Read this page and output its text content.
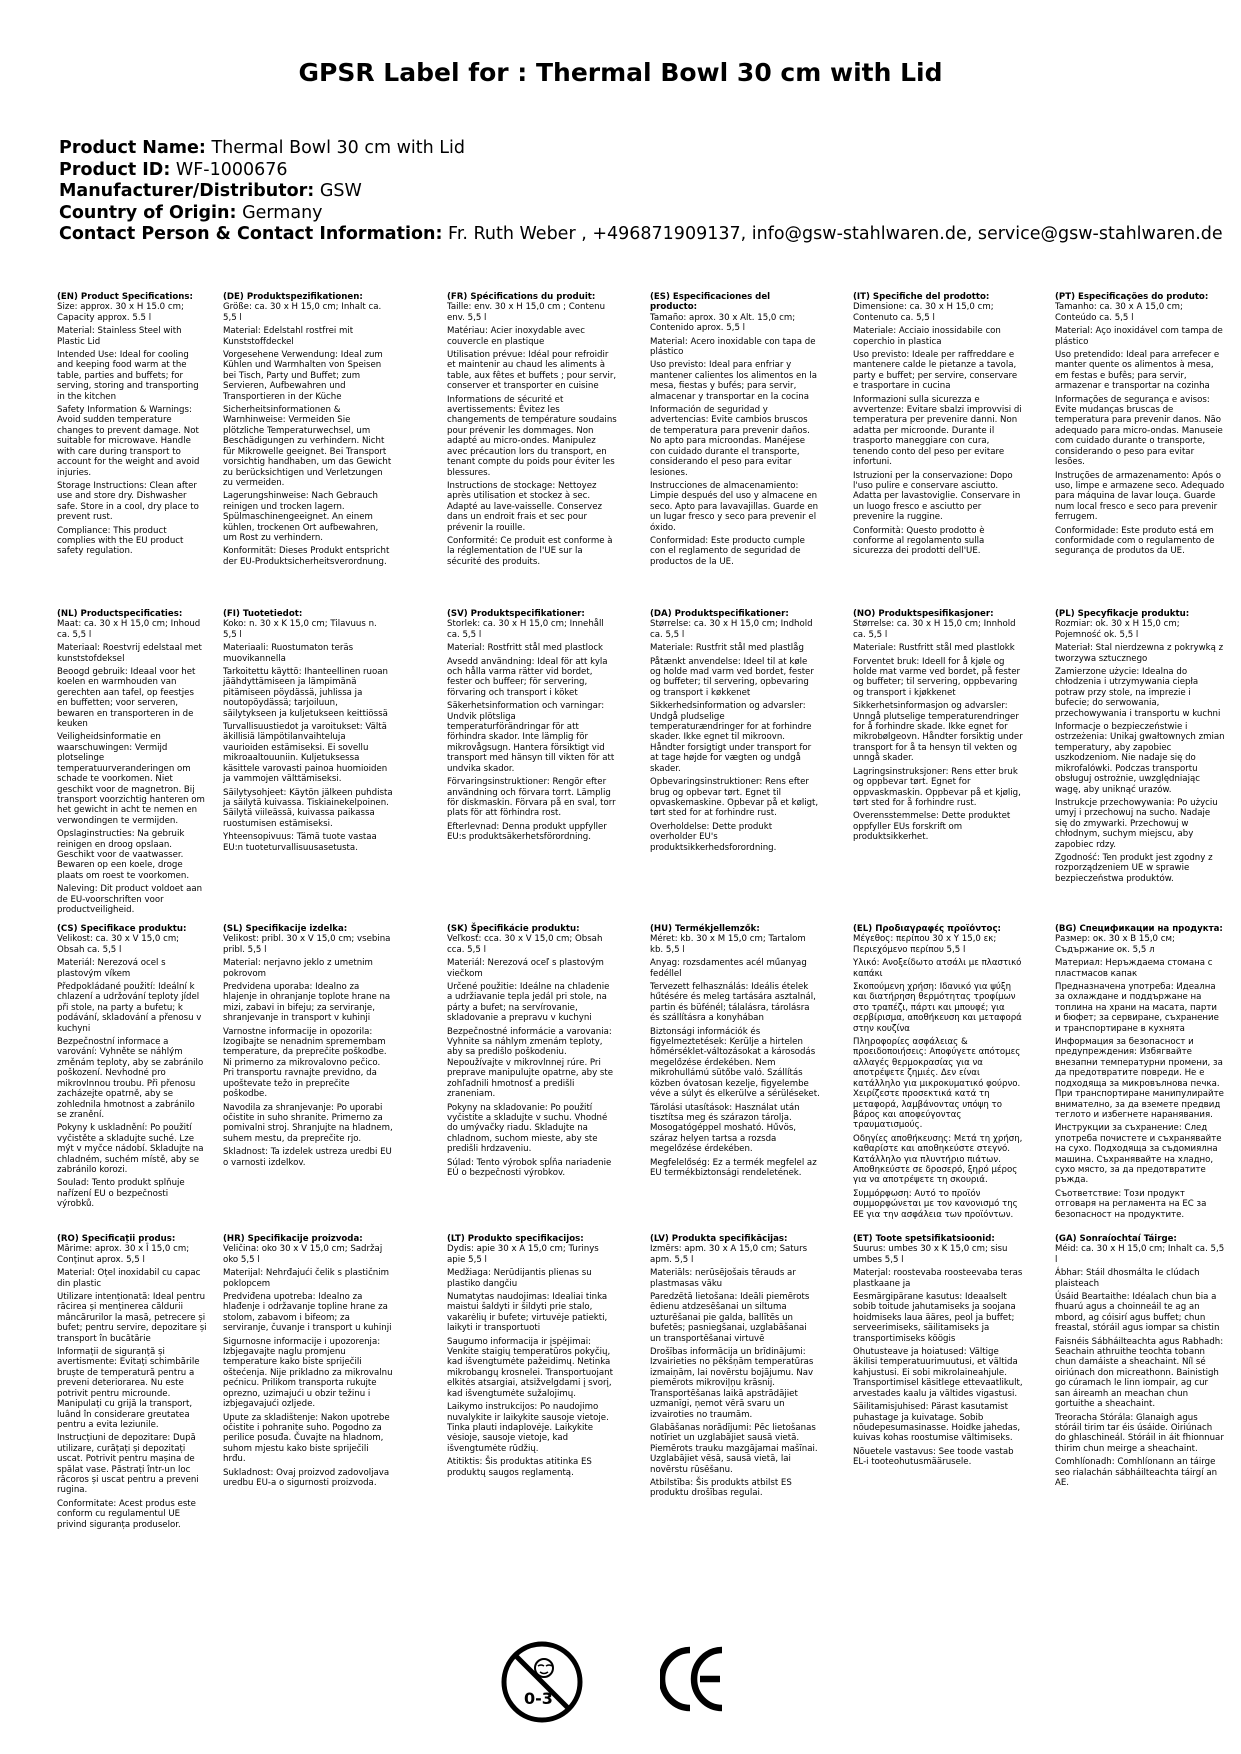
GPSR Label for : Thermal Bowl 30 cm with Lid
Product Name: Thermal Bowl 30 cm with Lid
Product ID: WF-1000676
Manufacturer/Distributor: GSW
Country of Origin: Germany
Contact Person & Contact Information: Fr. Ruth Weber , +496871909137, info@gsw-stahlwaren.de, service@gsw-stahlwaren.de
(EN) Product Specifications:

Size: approx. 30 x H 15.0 cm; Capacity approx. 5.5 l

Material: Stainless Steel with Plastic Lid

Intended Use: Ideal for cooling and keeping food warm at the table, parties and buffets; for serving, storing and transporting in the kitchen

Safety Information & Warnings: Avoid sudden temperature changes to prevent damage. Not suitable for microwave. Handle with care during transport to account for the weight and avoid injuries.

Storage Instructions: Clean after use and store dry. Dishwasher safe. Store in a cool, dry place to prevent rust.

Compliance: This product complies with the EU product safety regulation.

(DE) Produktspezifikationen:

Größe: ca. 30 x H 15,0 cm; Inhalt ca. 5,5 l

Material: Edelstahl rostfrei mit Kunststoffdeckel

Vorgesehene Verwendung: Ideal zum Kühlen und Warmhalten von Speisen bei Tisch, Party und Buffet; zum Servieren, Aufbewahren und Transportieren in der Küche

Sicherheitsinformationen & Warnhinweise: Vermeiden Sie plötzliche Temperaturwechsel, um Beschädigungen zu verhindern. Nicht für Mikrowelle geeignet. Bei Transport vorsichtig handhaben, um das Gewicht zu berücksichtigen und Verletzungen zu vermeiden.

Lagerungshinweise: Nach Gebrauch reinigen und trocken lagern. Spülmaschinengeeignet. An einem kühlen, trockenen Ort aufbewahren, um Rost zu verhindern.

Konformität: Dieses Produkt entspricht der EU-Produktsicherheitsverordnung.

(FR) Spécifications du produit:

Taille: env. 30 x H 15,0 cm ; Contenu env. 5,5 l

Matériau: Acier inoxydable avec couvercle en plastique

Utilisation prévue: Idéal pour refroidir et maintenir au chaud les aliments à table, aux fêtes et buffets ; pour servir, conserver et transporter en cuisine

Informations de sécurité et avertissements: Évitez les changements de température soudains pour prévenir les dommages. Non adapté au micro-ondes. Manipulez avec précaution lors du transport, en tenant compte du poids pour éviter les blessures.

Instructions de stockage: Nettoyez après utilisation et stockez à sec. Adapté au lave-vaisselle. Conservez dans un endroit frais et sec pour prévenir la rouille.

Conformité: Ce produit est conforme à la réglementation de l'UE sur la sécurité des produits.

(ES) Especificaciones del producto:

Tamaño: aprox. 30 x Alt. 15,0 cm; Contenido aprox. 5,5 l

Material: Acero inoxidable con tapa de plástico

Uso previsto: Ideal para enfriar y mantener calientes los alimentos en la mesa, fiestas y bufés; para servir, almacenar y transportar en la cocina

Información de seguridad y advertencias: Evite cambios bruscos de temperatura para prevenir daños. No apto para microondas. Manéjese con cuidado durante el transporte, considerando el peso para evitar lesiones.

Instrucciones de almacenamiento: Limpie después del uso y almacene en seco. Apto para lavavajillas. Guarde en un lugar fresco y seco para prevenir el óxido.

Conformidad: Este producto cumple con el reglamento de seguridad de productos de la UE.

(IT) Specifiche del prodotto:

Dimensione: ca. 30 x H 15,0 cm; Contenuto ca. 5,5 l

Materiale: Acciaio inossidabile con coperchio in plastica

Uso previsto: Ideale per raffreddare e mantenere calde le pietanze a tavola, party e buffet; per servire, conservare e trasportare in cucina

Informazioni sulla sicurezza e avvertenze: Evitare sbalzi improvvisi di temperatura per prevenire danni. Non adatta per microonde. Durante il trasporto maneggiare con cura, tenendo conto del peso per evitare infortuni.

Istruzioni per la conservazione: Dopo l'uso pulire e conservare asciutto. Adatta per lavastoviglie. Conservare in un luogo fresco e asciutto per prevenire la ruggine.

Conformità: Questo prodotto è conforme al regolamento sulla sicurezza dei prodotti dell'UE.

(PT) Especificações do produto:

Tamanho: ca. 30 x A 15,0 cm; Conteúdo ca. 5,5 l

Material: Aço inoxidável com tampa de plástico

Uso pretendido: Ideal para arrefecer e manter quente os alimentos à mesa, em festas e bufês; para servir, armazenar e transportar na cozinha

Informações de segurança e avisos: Evite mudanças bruscas de temperatura para prevenir danos. Não adequado para micro-ondas. Manuseie com cuidado durante o transporte, considerando o peso para evitar lesões.

Instruções de armazenamento: Após o uso, limpe e armazene seco. Adequado para máquina de lavar louça. Guarde num local fresco e seco para prevenir ferrugem.

Conformidade: Este produto está em conformidade com o regulamento de segurança de produtos da UE.

(NL) Productspecificaties:

Maat: ca. 30 x H 15,0 cm; Inhoud ca. 5,5 l

Materiaal: Roestvrij edelstaal met kunststofdeksel

Beoogd gebruik: Ideaal voor het koelen en warmhouden van gerechten aan tafel, op feestjes en buffetten; voor serveren, bewaren en transporteren in de keuken

Veiligheidsinformatie en waarschuwingen: Vermijd plotselinge temperatuurveranderingen om schade te voorkomen. Niet geschikt voor de magnetron. Bij transport voorzichtig hanteren om het gewicht in acht te nemen en verwondingen te vermijden.

Opslaginstructies: Na gebruik reinigen en droog opslaan. Geschikt voor de vaatwasser. Bewaren op een koele, droge plaats om roest te voorkomen.

Naleving: Dit product voldoet aan de EU-voorschriften voor productveiligheid.

(FI) Tuotetiedot:

Koko: n. 30 x K 15,0 cm; Tilavuus n. 5,5 l

Materiaali: Ruostumaton teräs muovikannella

Tarkoitettu käyttö: Ihanteellinen ruoan jäähdyttämiseen ja lämpimänä pitämiseen pöydässä, juhlissa ja noutopöydässä; tarjoiluun, säilytykseen ja kuljetukseen keittiössä

Turvallisuustiedot ja varoitukset: Vältä äkillisiä lämpötilanvaihteluja vaurioiden estämiseksi. Ei sovellu mikroaaltouuniin. Kuljetuksessa käsittele varovasti painoa huomioiden ja vammojen välttämiseksi.

Säilytysohjeet: Käytön jälkeen puhdista ja säilytä kuivassa. Tiskiainekelpoinen. Säilytä viileässä, kuivassa paikassa ruostumisen estämiseksi.

Yhteensopivuus: Tämä tuote vastaa EU:n tuoteturvallisuusasetusta.

(SV) Produktspecifikationer:

Storlek: ca. 30 x H 15,0 cm; Innehåll ca. 5,5 l

Material: Rostfritt stål med plastlock

Avsedd användning: Ideal för att kyla och hålla varma rätter vid bordet, fester och buffeer; för servering, förvaring och transport i köket

Säkerhetsinformation och varningar: Undvik plötsliga temperaturförändringar för att förhindra skador. Inte lämplig för mikrovågsugn. Hantera försiktigt vid transport med hänsyn till vikten för att undvika skador.

Förvaringsinstruktioner: Rengör efter användning och förvara torrt. Lämplig för diskmaskin. Förvara på en sval, torr plats för att förhindra rost.

Efterlevnad: Denna produkt uppfyller EU:s produktsäkerhetsförordning.

(DA) Produktspecifikationer:

Størrelse: ca. 30 x H 15,0 cm; Indhold ca. 5,5 l

Materiale: Rustfrit stål med plastlåg

Påtænkt anvendelse: Ideel til at køle og holde mad varm ved bordet, fester og buffeter; til servering, opbevaring og transport i køkkenet

Sikkerhedsinformation og advarsler: Undgå pludselige temperaturændringer for at forhindre skader. Ikke egnet til mikroovn. Håndter forsigtigt under transport for at tage højde for vægten og undgå skader.

Opbevaringsinstruktioner: Rens efter brug og opbevar tørt. Egnet til opvaskemaskine. Opbevar på et køligt, tørt sted for at forhindre rust.

Overholdelse: Dette produkt overholder EU's produktsikkerhedsforordning.

(NO) Produktspesifikasjoner:

Størrelse: ca. 30 x H 15,0 cm; Innhold ca. 5,5 l

Materiale: Rustfritt stål med plastlokk

Forventet bruk: Ideell for å kjøle og holde mat varme ved bordet, på fester og buffeter; til servering, oppbevaring og transport i kjøkkenet

Sikkerhetsinformasjon og advarsler: Unngå plutselige temperaturendringer for å forhindre skade. Ikke egnet for mikrobølgeovn. Håndter forsiktig under transport for å ta hensyn til vekten og unngå skader.

Lagringsinstruksjoner: Rens etter bruk og oppbevar tørt. Egnet for oppvaskmaskin. Oppbevar på et kjølig, tørt sted for å forhindre rust.

Overensstemmelse: Dette produktet oppfyller EUs forskrift om produktsikkerhet.

(PL) Specyfikacje produktu:

Rozmiar: ok. 30 x H 15,0 cm; Pojemność ok. 5,5 l

Materiał: Stal nierdzewna z pokrywką z tworzywa sztucznego

Zamierzone użycie: Idealna do chłodzenia i utrzymywania ciepła potraw przy stole, na imprezie i bufecie; do serwowania, przechowywania i transportu w kuchni

Informacje o bezpieczeństwie i ostrzeżenia: Unikaj gwałtownych zmian temperatury, aby zapobiec uszkodzeniom. Nie nadaje się do mikrofalówki. Podczas transportu obsługuj ostrożnie, uwzględniając wagę, aby uniknąć urazów.

Instrukcje przechowywania: Po użyciu umyj i przechowuj na sucho. Nadaje się do zmywarki. Przechowuj w chłodnym, suchym miejscu, aby zapobiec rdzy.

Zgodność: Ten produkt jest zgodny z rozporządzeniem UE w sprawie bezpieczeństwa produktów.

(CS) Specifikace produktu:

Velikost: ca. 30 x V 15,0 cm; Obsah ca. 5,5 l

Materiál: Nerezová ocel s plastovým víkem

Předpokládané použití: Ideální k chlazení a udržování teploty jídel při stole, na party a bufetu; k podávání, skladování a přenosu v kuchyni

Bezpečnostní informace a varování: Vyhněte se náhlým změnám teploty, aby se zabránilo poškození. Nevhodné pro mikrovlnnou troubu. Při přenosu zacházejte opatrně, aby se zohlednila hmotnost a zabránilo se zranění.

Pokyny k uskladnění: Po použití vyčistěte a skladujte suché. Lze mýt v myčce nádobí. Skladujte na chladném, suchém místě, aby se zabránilo korozi.

Soulad: Tento produkt splňuje nařízení EU o bezpečnosti výrobků.

(SL) Specifikacije izdelka:

Velikost: pribl. 30 x V 15,0 cm; vsebina pribl. 5,5 l

Material: nerjavno jeklo z umetnim pokrovom

Predvidena uporaba: Idealno za hlajenje in ohranjanje toplote hrane na mizi, zabavi in bifeju; za serviranje, shranjevanje in transport v kuhinji

Varnostne informacije in opozorila: Izogibajte se nenadnim spremembam temperature, da preprečite poškodbe. Ni primerno za mikrovalovno pečico. Pri transportu ravnajte previdno, da upoštevate težo in preprečite poškodbe.

Navodila za shranjevanje: Po uporabi očistite in suho shranite. Primerno za pomivalni stroj. Shranjujte na hladnem, suhem mestu, da preprečite rjo.

Skladnost: Ta izdelek ustreza uredbi EU o varnosti izdelkov.

(SK) Špecifikácie produktu:

Veľkosť: cca. 30 x V 15,0 cm; Obsah cca. 5,5 l

Materiál: Nerezová oceľ s plastovým viečkom

Určené použitie: Ideálne na chladenie a udržiavanie tepla jedál pri stole, na párty a bufet; na servírovanie, skladovanie a prepravu v kuchyni

Bezpečnostné informácie a varovania: Vyhnite sa náhlym zmenám teploty, aby sa predišlo poškodeniu. Nepoužívajte v mikrovlnnej rúre. Pri preprave manipulujte opatrne, aby ste zohľadnili hmotnosť a predišli zraneniam.

Pokyny na skladovanie: Po použití vyčistite a skladujte v suchu. Vhodné do umývačky riadu. Skladujte na chladnom, suchom mieste, aby ste predišli hrdzaveniu.

Súlad: Tento výrobok spĺňa nariadenie EÚ o bezpečnosti výrobkov.

(HU) Termékjellemzők:

Méret: kb. 30 x M 15,0 cm; Tartalom kb. 5,5 l

Anyag: rozsdamentes acél műanyag fedéllel

Tervezett felhasználás: Ideális ételek hűtésére és meleg tartására asztalnál, partin és büfénél; tálalásra, tárolásra és szállításra a konyhában

Biztonsági információk és figyelmeztetések: Kerülje a hirtelen hőmérséklet-változásokat a károsodás megelőzése érdekében. Nem mikrohullámú sütőbe való. Szállítás közben óvatosan kezelje, figyelembe véve a súlyt és elkerülve a sérüléseket.

Tárolási utasítások: Használat után tisztítsa meg és szárazon tárolja. Mosogatógéppel mosható. Hűvös, száraz helyen tartsa a rozsda megelőzése érdekében.

Megfelelőség: Ez a termék megfelel az EU termékbiztonsági rendeletének.

(EL) Προδιαγραφές προϊόντος:

Μέγεθος: περίπου 30 x Υ 15,0 εκ; Περιεχόμενο περίπου 5,5 l

Υλικό: Ανοξείδωτο ατσάλι με πλαστικό καπάκι

Σκοπούμενη χρήση: Ιδανικό για ψύξη και διατήρηση θερμότητας τροφίμων στο τραπέζι, πάρτι και μπουφέ; για σερβίρισμα, αποθήκευση και μεταφορά στην κουζίνα

Πληροφορίες ασφάλειας & προειδοποιήσεις: Αποφύγετε απότομες αλλαγές θερμοκρασίας για να αποτρέψετε ζημιές. Δεν είναι κατάλληλο για μικροκυματικό φούρνο. Χειρίζεστε προσεκτικά κατά τη μεταφορά, λαμβάνοντας υπόψη το βάρος και αποφεύγοντας τραυματισμούς.

Οδηγίες αποθήκευσης: Μετά τη χρήση, καθαρίστε και αποθηκεύστε στεγνό. Κατάλληλο για πλυντήριο πιάτων. Αποθηκεύστε σε δροσερό, ξηρό μέρος για να αποτρέψετε τη σκουριά.

Συμμόρφωση: Αυτό το προϊόν συμμορφώνεται με τον κανονισμό της ΕΕ για την ασφάλεια των προϊόντων.

(BG) Спецификации на продукта:

Размер: ок. 30 x В 15,0 см; Съдържание ок. 5,5 л

Материал: Неръждаема стомана с пластмасов капак

Предназначена употреба: Идеална за охлаждане и поддържане на топлина на храни на масата, парти и бюфет; за сервиране, съхранение и транспортиране в кухнята

Информация за безопасност и предупреждения: Избягвайте внезапни температурни промени, за да предотвратите повреди. Не е подходяща за микровълнова печка. При транспортиране манипулирайте внимателно, за да вземете предвид теглото и избегнете наранявания.

Инструкции за съхранение: След употреба почистете и съхранявайте на сухо. Подходяща за съдомиялна машина. Съхранявайте на хладно, сухо място, за да предотвратите ръжда.

Съответствие: Този продукт отговаря на регламента на ЕС за безопасност на продуктите.

(RO) Specificații produs:

Mărime: aprox. 30 x Î 15,0 cm; Conținut aprox. 5,5 l

Material: Oțel inoxidabil cu capac din plastic

Utilizare intenționată: Ideal pentru răcirea și menținerea căldurii mâncărurilor la masă, petrecere și bufet; pentru servire, depozitare și transport în bucătărie

Informații de siguranță și avertismente: Evitați schimbările bruște de temperatură pentru a preveni deteriorarea. Nu este potrivit pentru microunde. Manipulați cu grijă la transport, luând în considerare greutatea pentru a evita leziunile.

Instrucțiuni de depozitare: După utilizare, curățați și depozitați uscat. Potrivit pentru mașina de spălat vase. Păstrați într-un loc răcoros și uscat pentru a preveni rugina.

Conformitate: Acest produs este conform cu regulamentul UE privind siguranța produselor.

(HR) Specifikacije proizvoda:

Veličina: oko 30 x V 15,0 cm; Sadržaj oko 5,5 l

Materijal: Nehrđajući čelik s plastičnim poklopcem

Predviđena upotreba: Idealno za hlađenje i održavanje topline hrane za stolom, zabavom i bifeom; za serviranje, čuvanje i transport u kuhinji

Sigurnosne informacije i upozorenja: Izbjegavajte naglu promjenu temperature kako biste spriječili oštećenja. Nije prikladno za mikrovalnu pećnicu. Prilikom transporta rukujte oprezno, uzimajući u obzir težinu i izbjegavajući ozljede.

Upute za skladištenje: Nakon upotrebe očistite i pohranite suho. Pogodno za perilice posuđa. Čuvajte na hladnom, suhom mjestu kako biste spriječili hrđu.

Sukladnost: Ovaj proizvod zadovoljava uredbu EU-a o sigurnosti proizvoda.

(LT) Produkto specifikacijos:

Dydis: apie 30 x A 15,0 cm; Turinys apie 5,5 l

Medžiaga: Nerūdijantis plienas su plastiko dangčiu

Numatytas naudojimas: Idealiai tinka maistui šaldyti ir šildyti prie stalo, vakarėlių ir bufete; virtuvėje patiekti, laikyti ir transportuoti

Saugumo informacija ir įspėjimai: Venkite staigių temperatūros pokyčių, kad išvengtumėte pažeidimų. Netinka mikrobangų krosnelei. Transportuojant elkitės atsargiai, atsižvelgdami į svorį, kad išvengtumėte sužalojimų.

Laikymo instrukcijos: Po naudojimo nuvalykite ir laikykite sausoje vietoje. Tinka plauti indaplovėje. Laikykite vėsioje, sausoje vietoje, kad išvengtumėte rūdžių.

Atitiktis: Šis produktas atitinka ES produktų saugos reglamentą.

(LV) Produkta specifikācijas:

Izmērs: apm. 30 x A 15,0 cm; Saturs apm. 5,5 l

Materiāls: nerūsējošais tērauds ar plastmasas vāku

Paredzētā lietošana: Ideāli piemērots ēdienu atdzesēšanai un siltuma uzturēšanai pie galda, ballītēs un bufetēs; pasniegšanai, uzglabāšanai un transportēšanai virtuvē

Drošības informācija un brīdinājumi: Izvairieties no pēkšņām temperatūras izmaiņām, lai novērstu bojājumu. Nav piemērots mikroviļņu krāsnij. Transportēšanas laikā apstrādājiet uzmanīgi, ņemot vērā svaru un izvairoties no traumām.

Glabāšanas norādījumi: Pēc lietošanas notīriet un uzglabājiet sausā vietā. Piemērots trauku mazgājamai mašīnai. Uzglabājiet vēsā, sausā vietā, lai novērstu rūsēšanu.

Atbilstība: Šis produkts atbilst ES produktu drošības regulai.

(ET) Toote spetsifikatsioonid:

Suurus: umbes 30 x K 15,0 cm; sisu umbes 5,5 l

Materjal: roostevaba roosteevaba teras plastkaane ja

Eesmärgipärane kasutus: Ideaalselt sobib toitude jahutamiseks ja soojana hoidmiseks laua ääres, peol ja buffet; serveerimiseks, säilitamiseks ja transportimiseks köögis

Ohutusteave ja hoiatused: Vältige äkilisi temperatuurimuutusi, et vältida kahjustusi. Ei sobi mikrolaineahjule. Transportimisel käsitlege ettevaatlikult, arvestades kaalu ja vältides vigastusi.

Säilitamisjuhised: Pärast kasutamist puhastage ja kuivatage. Sobib nõudepesumasinasse. Hoidke jahedas, kuivas kohas roostumise vältimiseks.

Nõuetele vastavus: See toode vastab EL-i tooteohutusmäärusele.

(GA) Sonraíochtaí Táirge:

Méid: ca. 30 x H 15,0 cm; Inhalt ca. 5,5 l

Ábhar: Stáil dhosmálta le clúdach plaisteach

Úsáid Beartaithe: Idéalach chun bia a fhuarú agus a choinneáil te ag an mbord, ag cóisirí agus buffet; chun freastal, stóráil agus iompar sa chistin

Faisnéis Sábháilteachta agus Rabhadh: Seachain athruithe teochta tobann chun damáiste a sheachaint. Níl sé oiriúnach don micreathonn. Bainistigh go cúramach le linn iompair, ag cur san áireamh an meachan chun gortuithe a sheachaint.

Treoracha Stórála: Glanaigh agus stóráil tirim tar éis úsáide. Oiriúnach do ghlaschineál. Stóráil in áit fhionnuar thirim chun meirge a sheachaint.

Comhlíonadh: Comhlíonann an táirge seo rialachán sábháilteachta táirgí an AE.

0-3
